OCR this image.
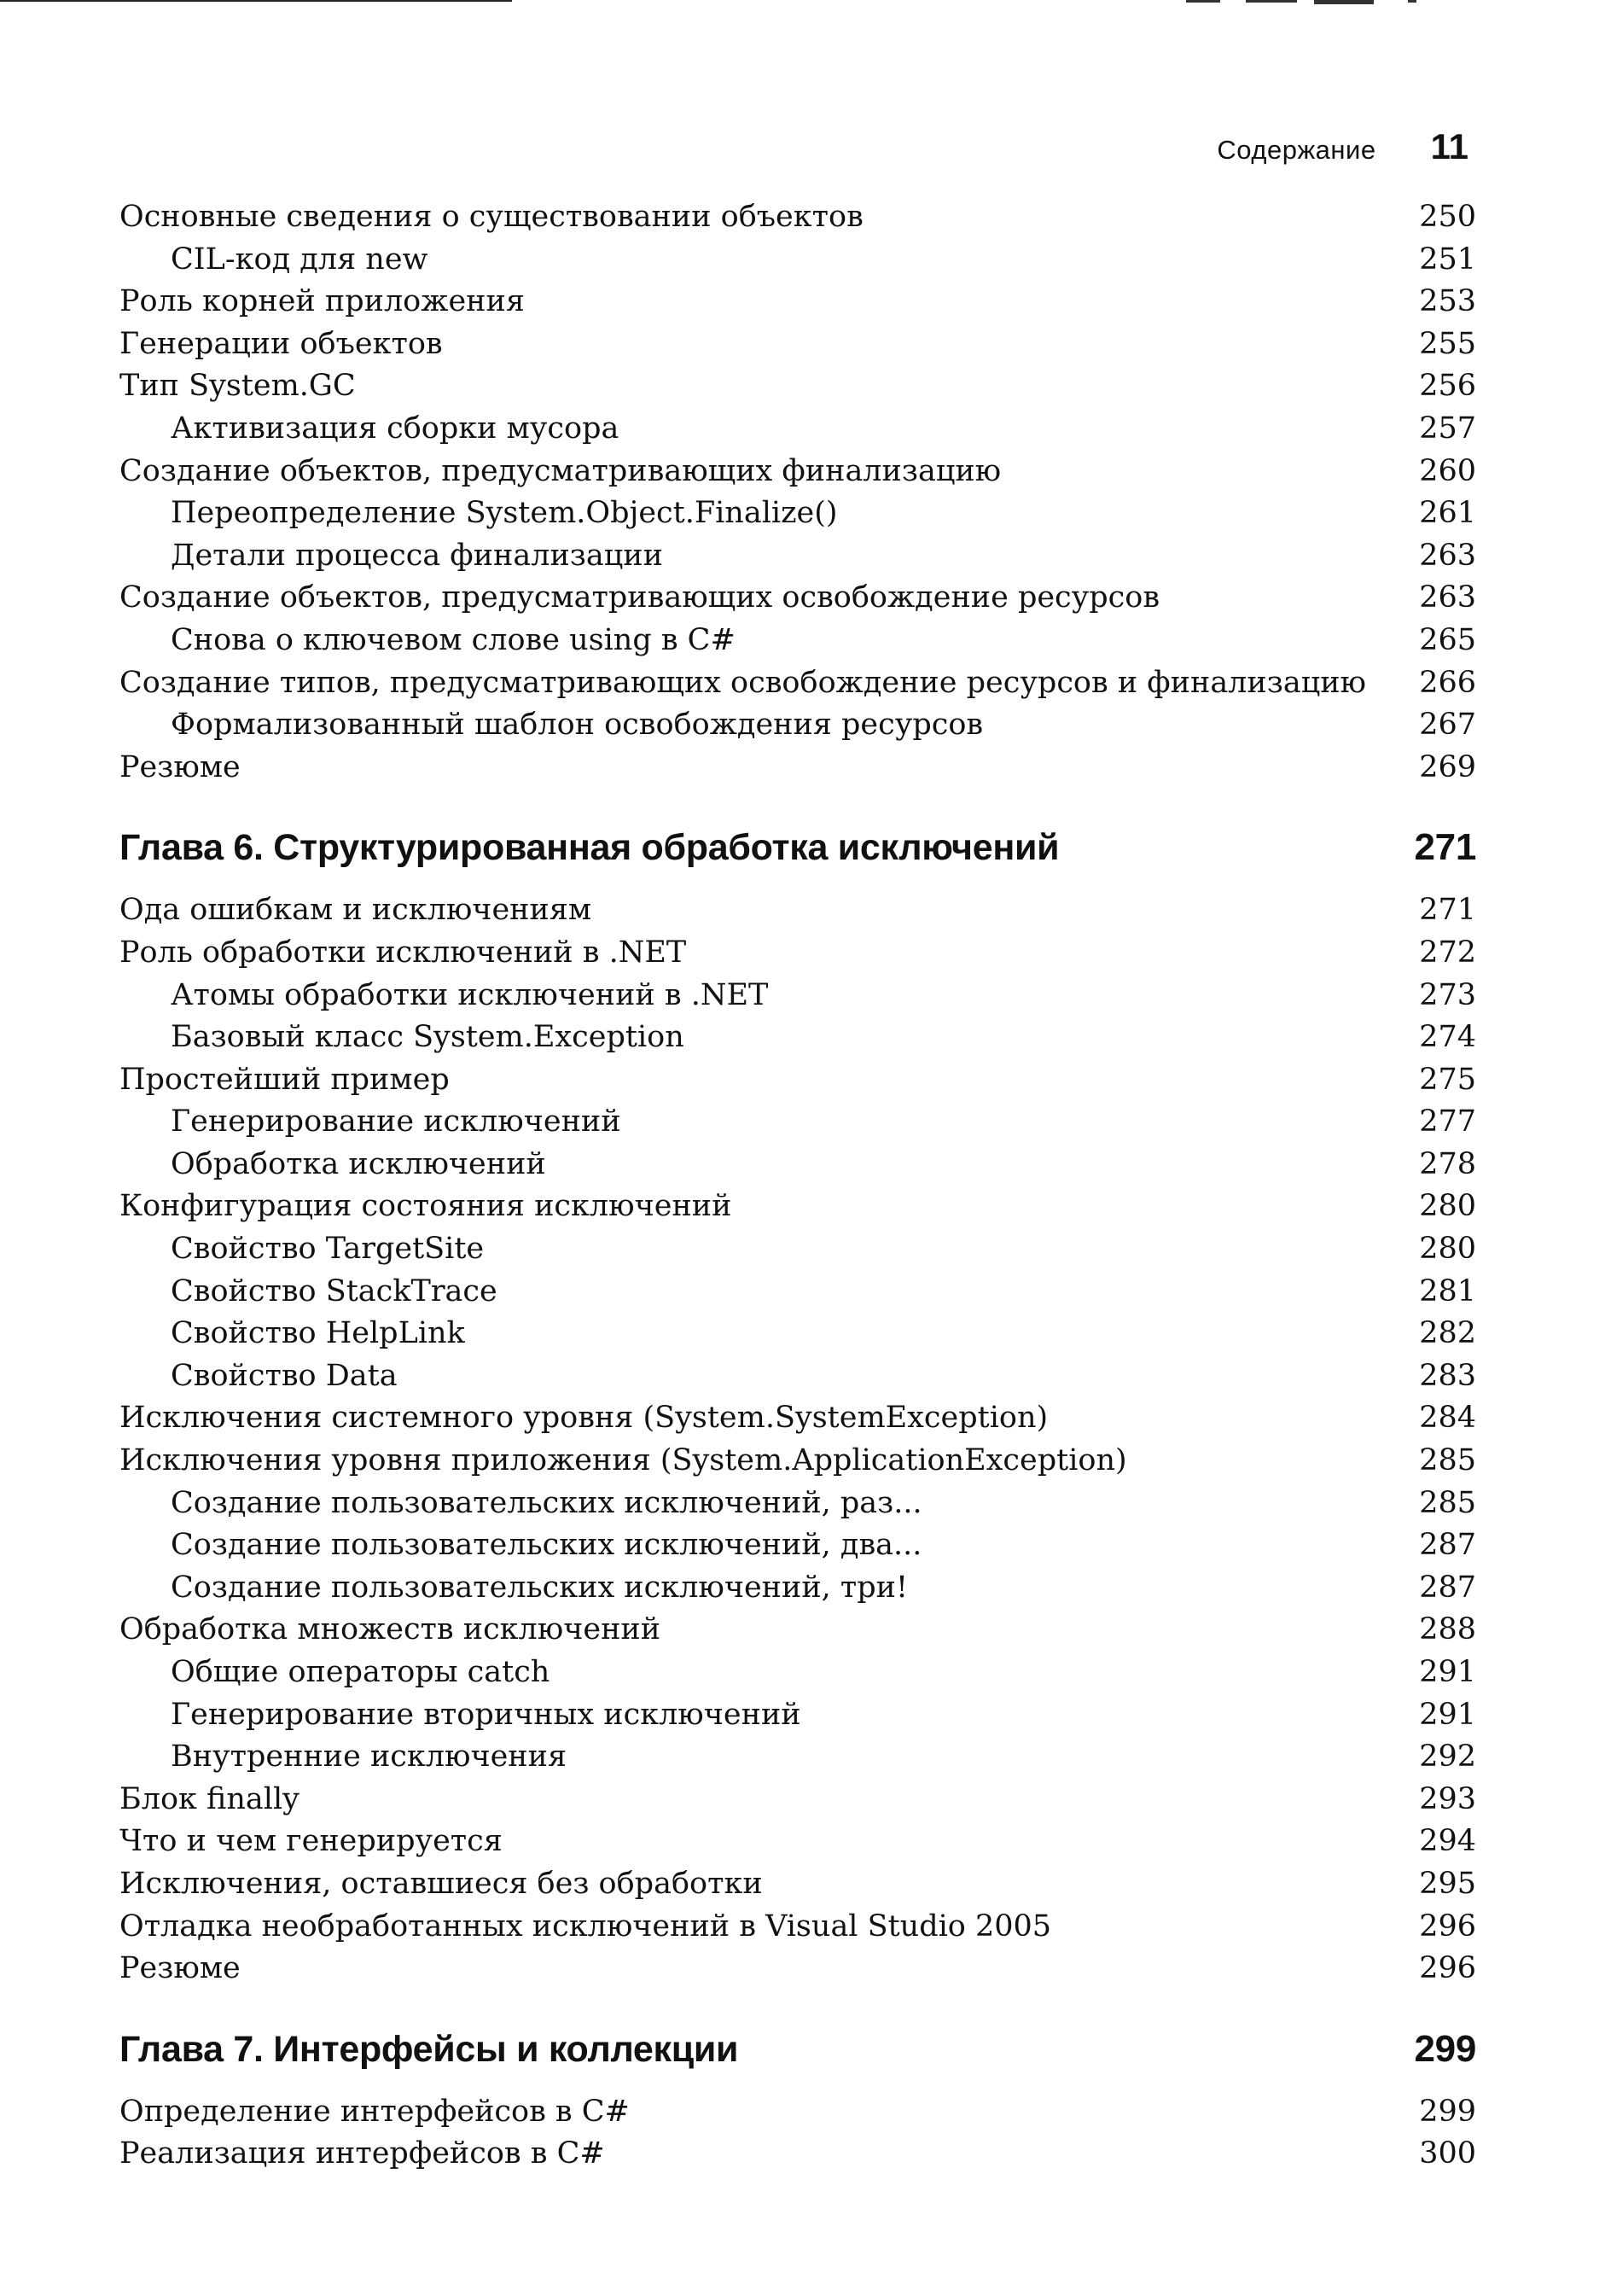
Содержание 11
Основные сведения о существовании объектов	250
CIL-код для new	251
Роль корней приложения	253
Генерации объектов	255
Тип System.GC	256
Активизация сборки мусора	257
Создание объектов, предусматривающих финализацию	260
Переопределение System.Object.Finalize()	261
Детали процесса финализации	263
Создание объектов, предусматривающих освобождение ресурсов	263
Снова о ключевом слове using в C#	265
Создание типов, предусматривающих освобождение ресурсов и финализацию	266
Формализованный шаблон освобождения ресурсов	267
Резюме	269
Глава 6. Структурированная обработка исключений	271
Ода ошибкам и исключениям	271
Роль обработки исключений в .NET	272
Атомы обработки исключений в .NET	273
Базовый класс System.Exception	274
Простейший пример	275
Генерирование исключений	277
Обработка исключений	278
Конфигурация состояния исключений	280
Свойство TargetSite	280
Свойство StackTrace	281
Свойство HelpLink	282
Свойство Data	283
Исключения системного уровня (System.SystemException)	284
Исключения уровня приложения (System.ApplicationException)	285
Создание пользовательских исключений, раз...	285
Создание пользовательских исключений, два...	287
Создание пользовательских исключений, три!	287
Обработка множеств исключений	288
Общие операторы catch	291
Генерирование вторичных исключений	291
Внутренние исключения	292
Блок finally	293
Что и чем генерируется	294
Исключения, оставшиеся без обработки	295
Отладка необработанных исключений в Visual Studio 2005	296
Резюме	296
Глава 7. Интерфейсы и коллекции	299
Определение интерфейсов в C#	299
Реализация интерфейсов в C#	300
